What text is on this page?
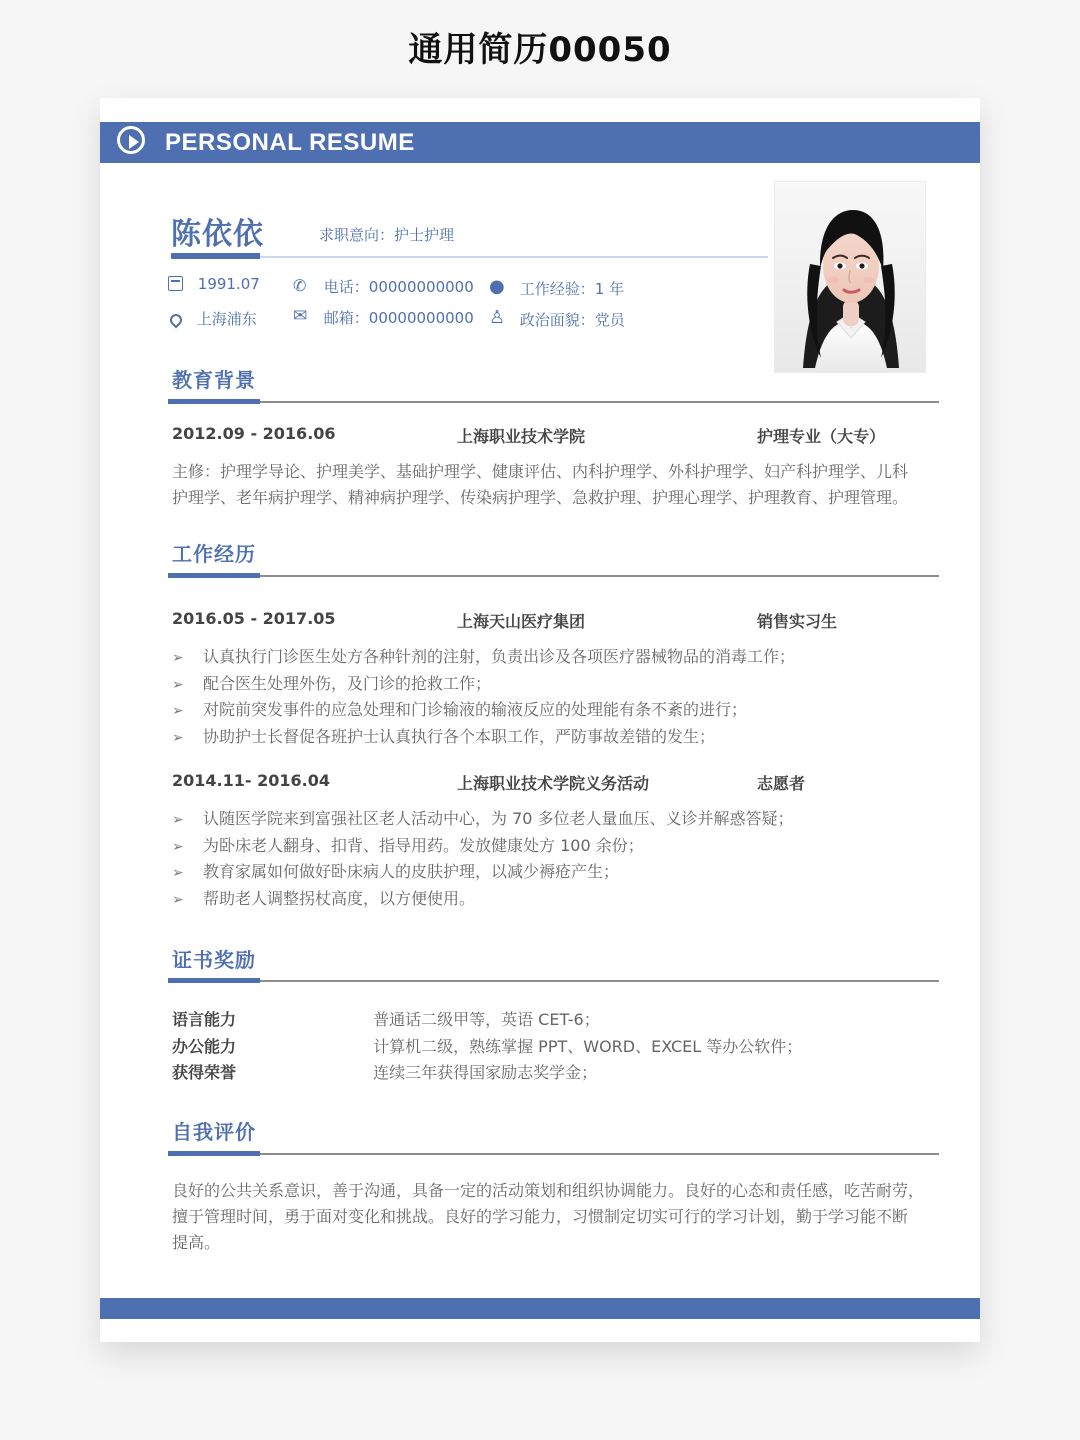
通用简历00050
PERSONAL RESUME
陈依依	求职意向：护士护理
1991.07 ✆	电话：00000000000 ●	工作经验：1 年
上海浦东 ✉	邮箱：00000000000 ♙	政治面貌：党员
教育背景
2012.09 - 2016.06	上海职业技术学院	护理专业（大专）
主修：护理学导论、护理美学、基础护理学、健康评估、内科护理学、外科护理学、妇产科护理学、儿科
护理学、老年病护理学、精神病护理学、传染病护理学、急救护理、护理心理学、护理教育、护理管理。
工作经历
2016.05 - 2017.05	上海天山医疗集团	销售实习生
➢ 认真执行门诊医生处方各种针剂的注射，负责出诊及各项医疗器械物品的消毒工作；
➢ 配合医生处理外伤，及门诊的抢救工作；
➢ 对院前突发事件的应急处理和门诊输液的输液反应的处理能有条不紊的进行；
➢ 协助护士长督促各班护士认真执行各个本职工作，严防事故差错的发生；
2014.11- 2016.04	上海职业技术学院义务活动	志愿者
➢ 认随医学院来到富强社区老人活动中心，为 70 多位老人量血压、义诊并解惑答疑；
➢ 为卧床老人翻身、扣背、指导用药。发放健康处方 100 余份；
➢ 教育家属如何做好卧床病人的皮肤护理，以减少褥疮产生；
➢ 帮助老人调整拐杖高度，以方便使用。
证书奖励
语言能力	普通话二级甲等，英语 CET-6；
办公能力	计算机二级，熟练掌握 PPT、WORD、EXCEL 等办公软件；
获得荣誉	连续三年获得国家励志奖学金；
自我评价
良好的公共关系意识，善于沟通，具备一定的活动策划和组织协调能力。良好的心态和责任感，吃苦耐劳，
擅于管理时间，勇于面对变化和挑战。良好的学习能力，习惯制定切实可行的学习计划，勤于学习能不断
提高。
